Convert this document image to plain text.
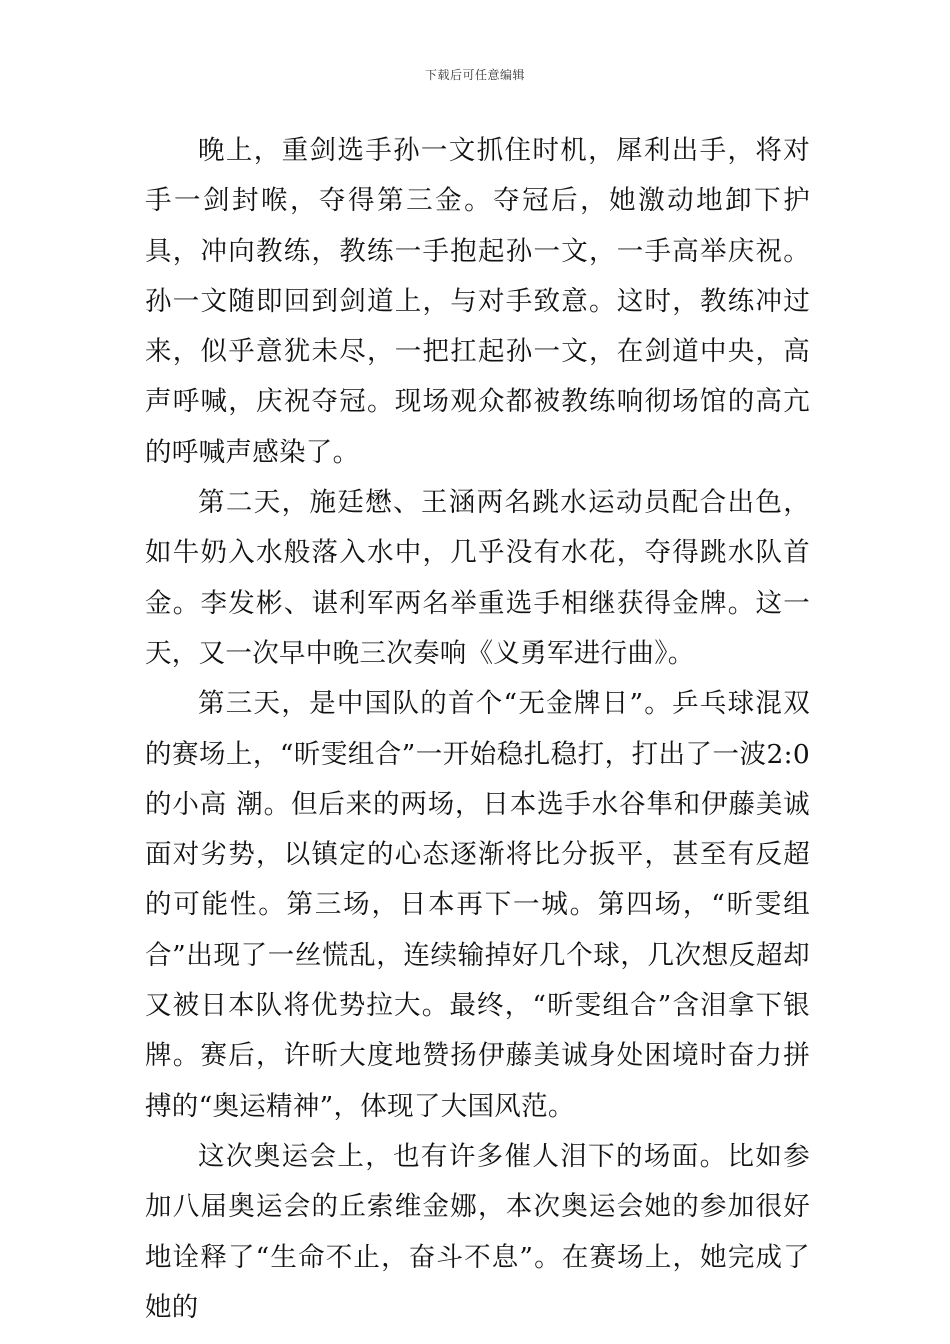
下载后可任意编辑

晚上，重剑选手孙一文抓住时机，犀利出手，将对手一剑封喉，夺得第三金。夺冠后，她激动地卸下护具，冲向教练，教练一手抱起孙一文，一手高举庆祝。孙一文随即回到剑道上，与对手致意。这时，教练冲过来，似乎意犹未尽，一把扛起孙一文，在剑道中央，高声呼喊，庆祝夺冠。现场观众都被教练响彻场馆的高亢的呼喊声感染了。

第二天，施廷懋、王涵两名跳水运动员配合出色，如牛奶入水般落入水中，几乎没有水花，夺得跳水队首金。李发彬、谌利军两名举重选手相继获得金牌。这一天，又一次早中晚三次奏响《义勇军进行曲》。

第三天，是中国队的首个“无金牌日”。乒乓球混双的赛场上，“昕雯组合”一开始稳扎稳打，打出了一波2:0的小高 潮。但后来的两场，日本选手水谷隼和伊藤美诚面对劣势，以镇定的心态逐渐将比分扳平，甚至有反超的可能性。第三场，日本再下一城。第四场，“昕雯组合”出现了一丝慌乱，连续输掉好几个球，几次想反超却又被日本队将优势拉大。最终，“昕雯组合”含泪拿下银牌。赛后，许昕大度地赞扬伊藤美诚身处困境时奋力拼搏的“奥运精神”，体现了大国风范。

这次奥运会上，也有许多催人泪下的场面。比如参加八届奥运会的丘索维金娜，本次奥运会她的参加很好地诠释了“生命不止，奋斗不息”。在赛场上，她完成了她的
